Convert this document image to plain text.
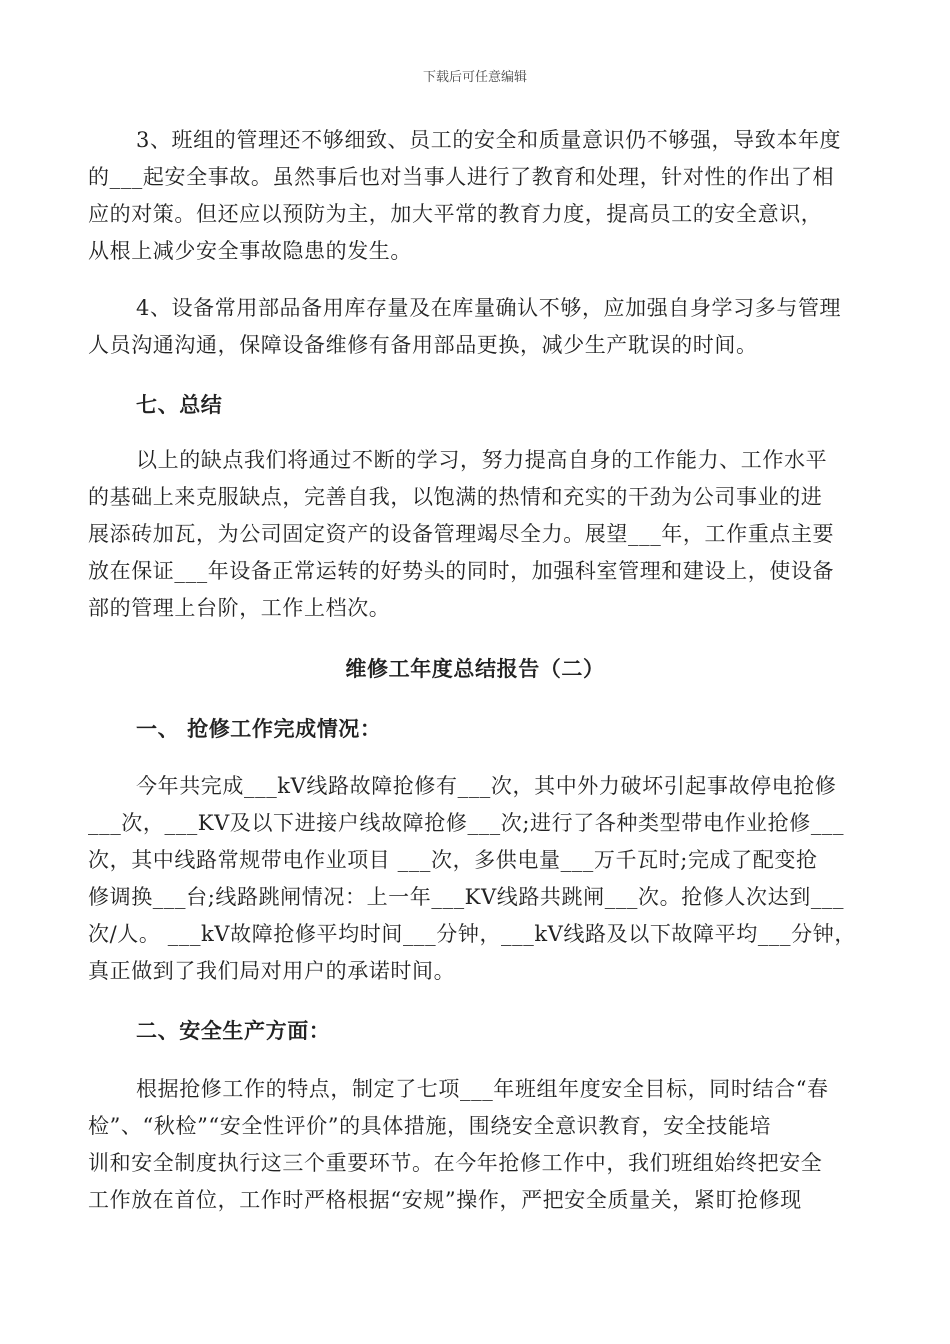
下载后可任意编辑
3、班组的管理还不够细致、员工的安全和质量意识仍不够强，导致本年度
的___起安全事故。虽然事后也对当事人进行了教育和处理，针对性的作出了相
应的对策。但还应以预防为主，加大平常的教育力度，提高员工的安全意识，
从根上减少安全事故隐患的发生。
4、设备常用部品备用库存量及在库量确认不够，应加强自身学习多与管理
人员沟通沟通，保障设备维修有备用部品更换，减少生产耽误的时间。
七、总结
以上的缺点我们将通过不断的学习，努力提高自身的工作能力、工作水平
的基础上来克服缺点，完善自我，以饱满的热情和充实的干劲为公司事业的进
展添砖加瓦，为公司固定资产的设备管理竭尽全力。展望___年，工作重点主要
放在保证___年设备正常运转的好势头的同时，加强科室管理和建设上，使设备
部的管理上台阶，工作上档次。
维修工年度总结报告（二）
一、 抢修工作完成情况：
今年共完成___kV线路故障抢修有___次，其中外力破坏引起事故停电抢修
___次，___KV及以下进接户线故障抢修___次;进行了各种类型带电作业抢修___
次，其中线路常规带电作业项目 ___次，多供电量___万千瓦时;完成了配变抢
修调换___台;线路跳闸情况：上一年___KV线路共跳闸___次。抢修人次达到___
次/人。 ___kV故障抢修平均时间___分钟，___kV线路及以下故障平均___分钟，
真正做到了我们局对用户的承诺时间。
二、安全生产方面：
根据抢修工作的特点，制定了七项___年班组年度安全目标，同时结合“春
检”、“秋检”“安全性评价”的具体措施，围绕安全意识教育，安全技能培
训和安全制度执行这三个重要环节。在今年抢修工作中，我们班组始终把安全
工作放在首位，工作时严格根据“安规”操作，严把安全质量关，紧盯抢修现
